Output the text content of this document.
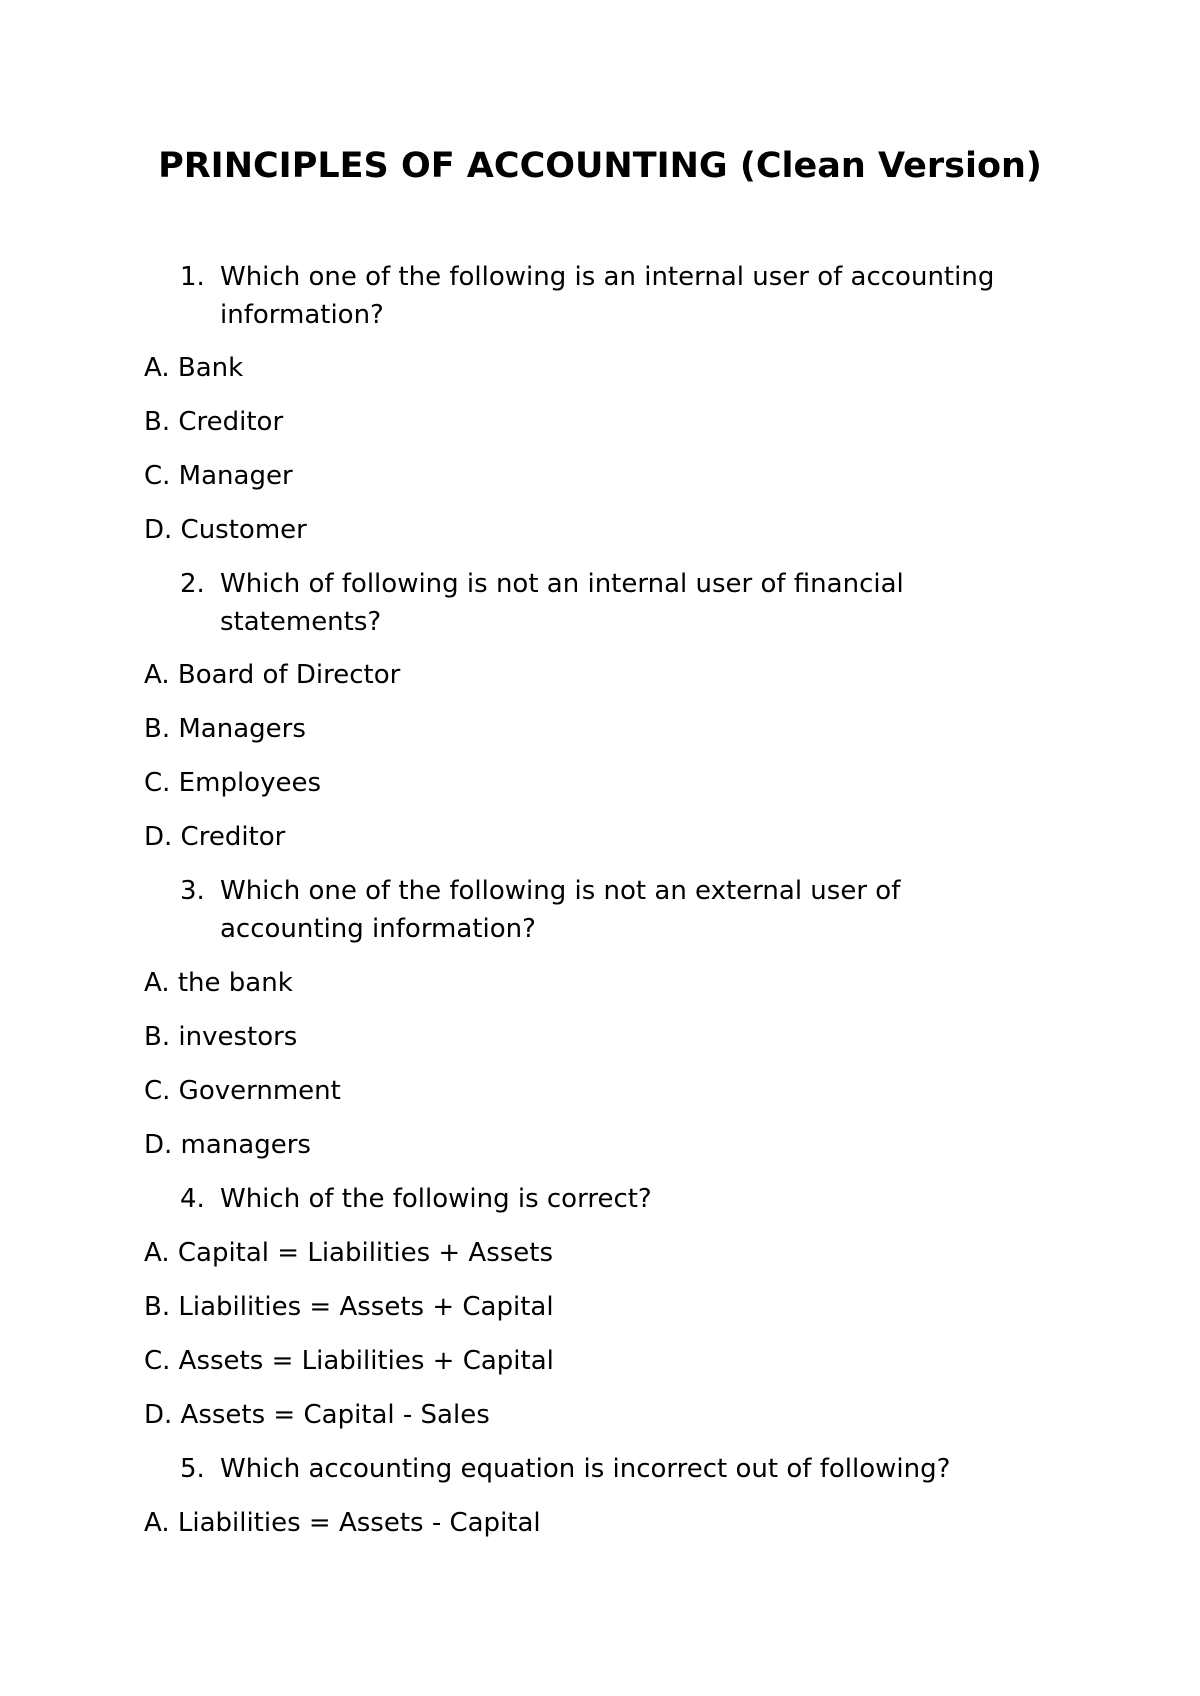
PRINCIPLES OF ACCOUNTING (Clean Version)
1. Which one of the following is an internal user of accounting information?
A. Bank
B. Creditor
C. Manager
D. Customer
2. Which of following is not an internal user of financial statements?
A. Board of Director
B. Managers
C. Employees
D. Creditor
3. Which one of the following is not an external user of accounting information?
A. the bank
B. investors
C. Government
D. managers
4. Which of the following is correct?
A. Capital = Liabilities + Assets
B. Liabilities = Assets + Capital
C. Assets = Liabilities + Capital
D. Assets = Capital - Sales
5. Which accounting equation is incorrect out of following?
A. Liabilities = Assets - Capital
